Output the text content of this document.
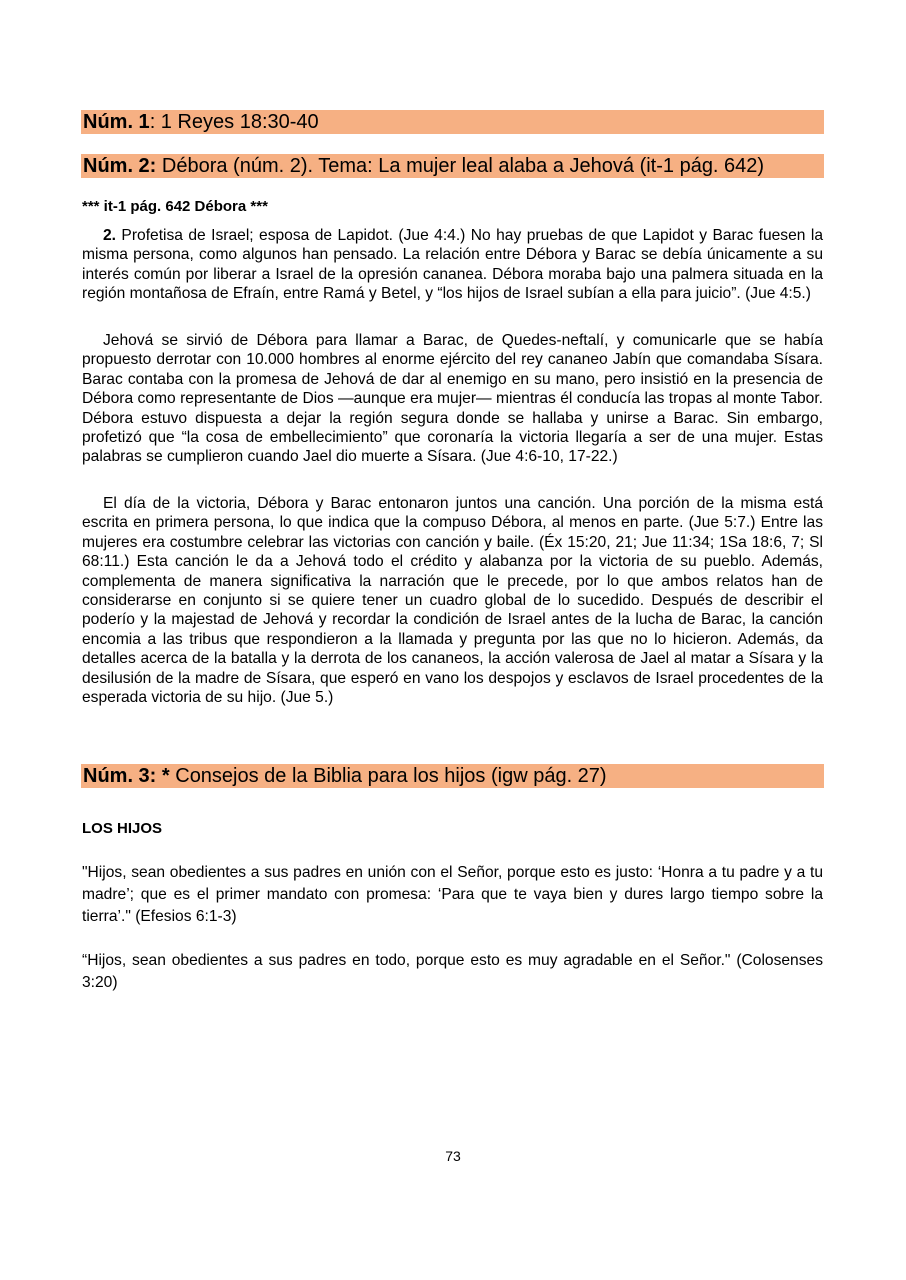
Núm. 1: 1 Reyes 18:30-40
Núm. 2: Débora (núm. 2). Tema: La mujer leal alaba a Jehová (it-1 pág. 642)
*** it-1 pág. 642 Débora ***

2. Profetisa de Israel; esposa de Lapidot. (Jue 4:4.) No hay pruebas de que Lapidot y Barac fuesen la misma persona, como algunos han pensado. La relación entre Débora y Barac se debía únicamente a su interés común por liberar a Israel de la opresión cananea. Débora moraba bajo una palmera situada en la región montañosa de Efraín, entre Ramá y Betel, y “los hijos de Israel subían a ella para juicio”. (Jue 4:5.)

Jehová se sirvió de Débora para llamar a Barac, de Quedes-neftalí, y comunicarle que se había propuesto derrotar con 10.000 hombres al enorme ejército del rey cananeo Jabín que comandaba Sísara. Barac contaba con la promesa de Jehová de dar al enemigo en su mano, pero insistió en la presencia de Débora como representante de Dios —aunque era mujer— mientras él conducía las tropas al monte Tabor. Débora estuvo dispuesta a dejar la región segura donde se hallaba y unirse a Barac. Sin embargo, profetizó que “la cosa de embellecimiento” que coronaría la victoria llegaría a ser de una mujer. Estas palabras se cumplieron cuando Jael dio muerte a Sísara. (Jue 4:6-10, 17-22.)

El día de la victoria, Débora y Barac entonaron juntos una canción. Una porción de la misma está escrita en primera persona, lo que indica que la compuso Débora, al menos en parte. (Jue 5:7.) Entre las mujeres era costumbre celebrar las victorias con canción y baile. (Éx 15:20, 21; Jue 11:34; 1Sa 18:6, 7; Sl 68:11.) Esta canción le da a Jehová todo el crédito y alabanza por la victoria de su pueblo. Además, complementa de manera significativa la narración que le precede, por lo que ambos relatos han de considerarse en conjunto si se quiere tener un cuadro global de lo sucedido. Después de describir el poderío y la majestad de Jehová y recordar la condición de Israel antes de la lucha de Barac, la canción encomia a las tribus que respondieron a la llamada y pregunta por las que no lo hicieron. Además, da detalles acerca de la batalla y la derrota de los cananeos, la acción valerosa de Jael al matar a Sísara y la desilusión de la madre de Sísara, que esperó en vano los despojos y esclavos de Israel procedentes de la esperada victoria de su hijo. (Jue 5.)

Núm. 3: * Consejos de la Biblia para los hijos (igw pág. 27)
LOS HIJOS

"Hijos, sean obedientes a sus padres en unión con el Señor, porque esto es justo: ‘Honra a tu padre y a tu madre’; que es el primer mandato con promesa: ‘Para que te vaya bien y dures largo tiempo sobre la tierra’." (Efesios 6:1-3)

“Hijos, sean obedientes a sus padres en todo, porque esto es muy agradable en el Señor." (Colosenses 3:20)

73
